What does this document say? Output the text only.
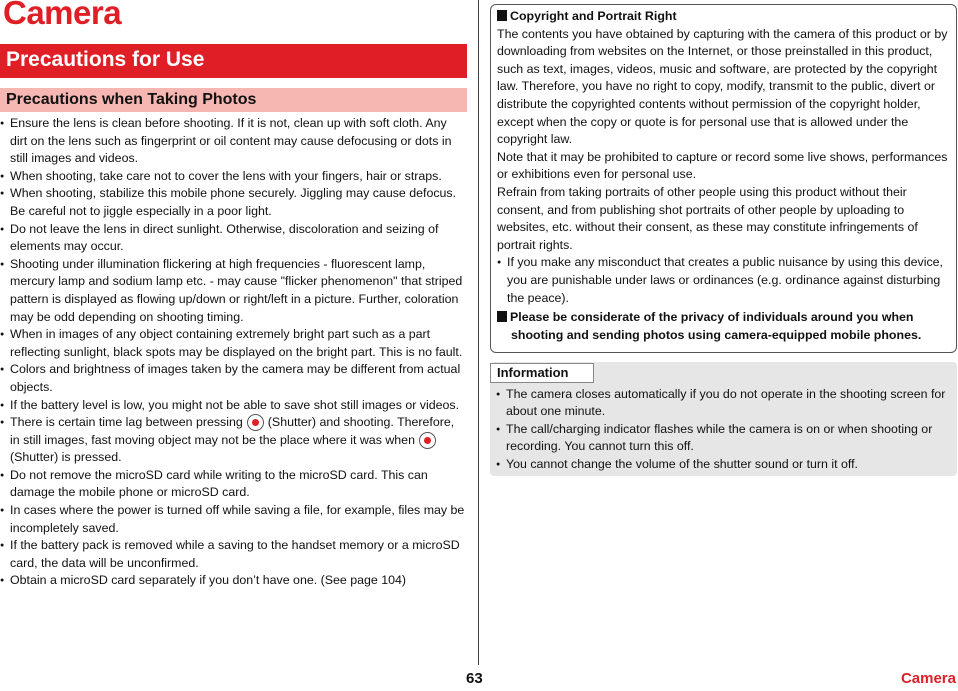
Camera
Precautions for Use
Precautions when Taking Photos
● Ensure the lens is clean before shooting. If it is not, clean up with soft cloth. Any dirt on the lens such as fingerprint or oil content may cause defocusing or dots in still images and videos.
● When shooting, take care not to cover the lens with your fingers, hair or straps.
● When shooting, stabilize this mobile phone securely. Jiggling may cause defocus. Be careful not to jiggle especially in a poor light.
● Do not leave the lens in direct sunlight. Otherwise, discoloration and seizing of elements may occur.
● Shooting under illumination flickering at high frequencies - fluorescent lamp, mercury lamp and sodium lamp etc. - may cause "flicker phenomenon" that striped pattern is displayed as flowing up/down or right/left in a picture. Further, coloration may be odd depending on shooting timing.
● When in images of any object containing extremely bright part such as a part reflecting sunlight, black spots may be displayed on the bright part. This is no fault.
● Colors and brightness of images taken by the camera may be different from actual objects.
● If the battery level is low, you might not be able to save shot still images or videos.
● There is certain time lag between pressing (Shutter) and shooting. Therefore, in still images, fast moving object may not be the place where it was when(Shutter) is pressed.
● Do not remove the microSD card while writing to the microSD card. This can damage the mobile phone or microSD card.
● In cases where the power is turned off while saving a file, for example, files may be incompletely saved.
● If the battery pack is removed while a saving to the handset memory or a microSD card, the data will be unconfirmed.
● Obtain a microSD card separately if you don’t have one. (See page 104)
Copyright and Portrait Right
The contents you have obtained by capturing with the camera of this product or by downloading from websites on the Internet, or those preinstalled in this product, such as text, images, videos, music and software, are protected by the copyright law. Therefore, you have no right to copy, modify, transmit to the public, divert or distribute the copyrighted contents without permission of the copyright holder, except when the copy or quote is for personal use that is allowed under the copyright law.
Note that it may be prohibited to capture or record some live shows, performances or exhibitions even for personal use.
Refrain from taking portraits of other people using this product without their consent, and from publishing shot portraits of other people by uploading to websites, etc. without their consent, as these may constitute infringements of portrait rights.
● If you make any misconduct that creates a public nuisance by using this device, you are punishable under laws or ordinances (e.g. ordinance against disturbing the peace).
Please be considerate of the privacy of individuals around you when shooting and sending photos using camera-equipped mobile phones.
Information
● The camera closes automatically if you do not operate in the shooting screen for about one minute.
● The call/charging indicator flashes while the camera is on or when shooting or recording. You cannot turn this off.
● You cannot change the volume of the shutter sound or turn it off.
63	Camera
